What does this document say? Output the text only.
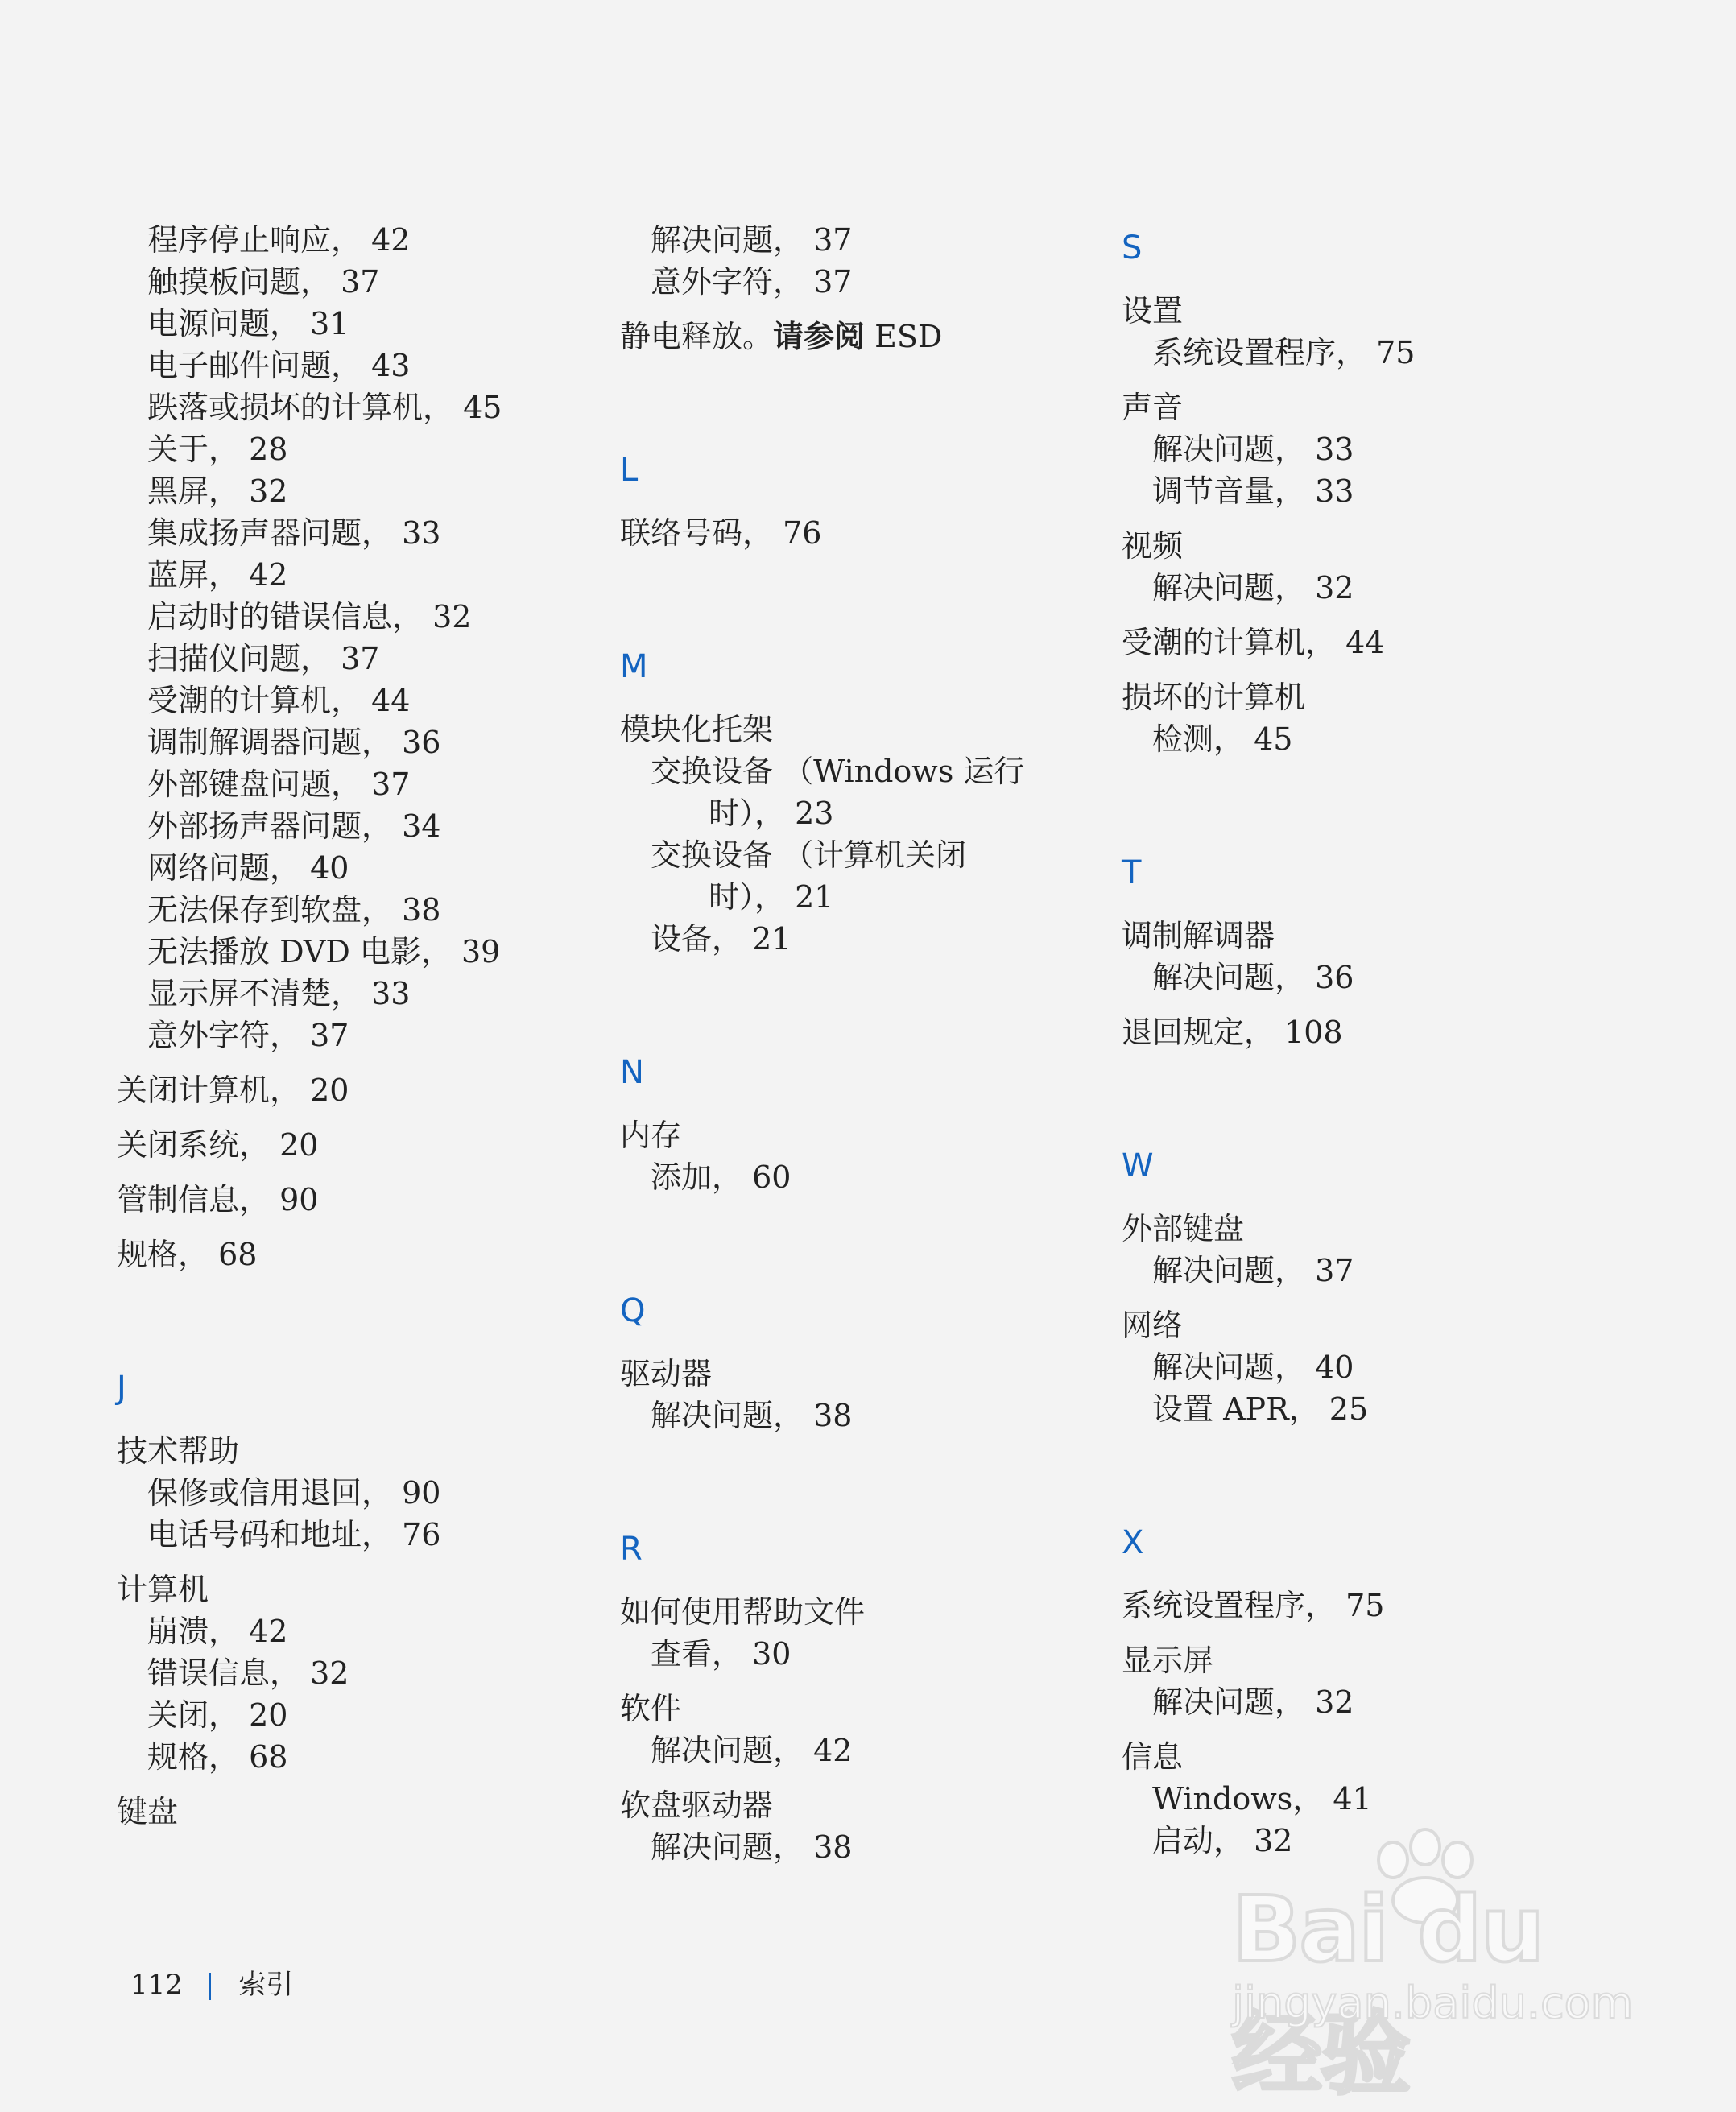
程序停止响应， 42
触摸板问题， 37
电源问题， 31
电子邮件问题， 43
跌落或损坏的计算机， 45
关于， 28
黑屏， 32
集成扬声器问题， 33
蓝屏， 42
启动时的错误信息， 32
扫描仪问题， 37
受潮的计算机， 44
调制解调器问题， 36
外部键盘问题， 37
外部扬声器问题， 34
网络问题， 40
无法保存到软盘， 38
无法播放 DVD 电影， 39
显示屏不清楚， 33
意外字符， 37
关闭计算机， 20
关闭系统， 20
管制信息， 90
规格， 68
J
技术帮助
保修或信用退回， 90
电话号码和地址， 76
计算机
崩溃， 42
错误信息， 32
关闭， 20
规格， 68
键盘
解决问题， 37
意外字符， 37
静电释放。请参阅 ESD
L
联络号码， 76
M
模块化托架
交换设备 （Windows 运行
时）， 23
交换设备 （计算机关闭
时）， 21
设备， 21
N
内存
添加， 60
Q
驱动器
解决问题， 38
R
如何使用帮助文件
查看， 30
软件
解决问题， 42
软盘驱动器
解决问题， 38
S
设置
系统设置程序， 75
声音
解决问题， 33
调节音量， 33
视频
解决问题， 32
受潮的计算机， 44
损坏的计算机
检测， 45
T
调制解调器
解决问题， 36
退回规定， 108
W
外部键盘
解决问题， 37
网络
解决问题， 40
设置 APR， 25
X
系统设置程序， 75
显示屏
解决问题， 32
信息
Windows， 41
启动， 32
112 | 索引
Bai du 经验
jingyan.baidu.com
